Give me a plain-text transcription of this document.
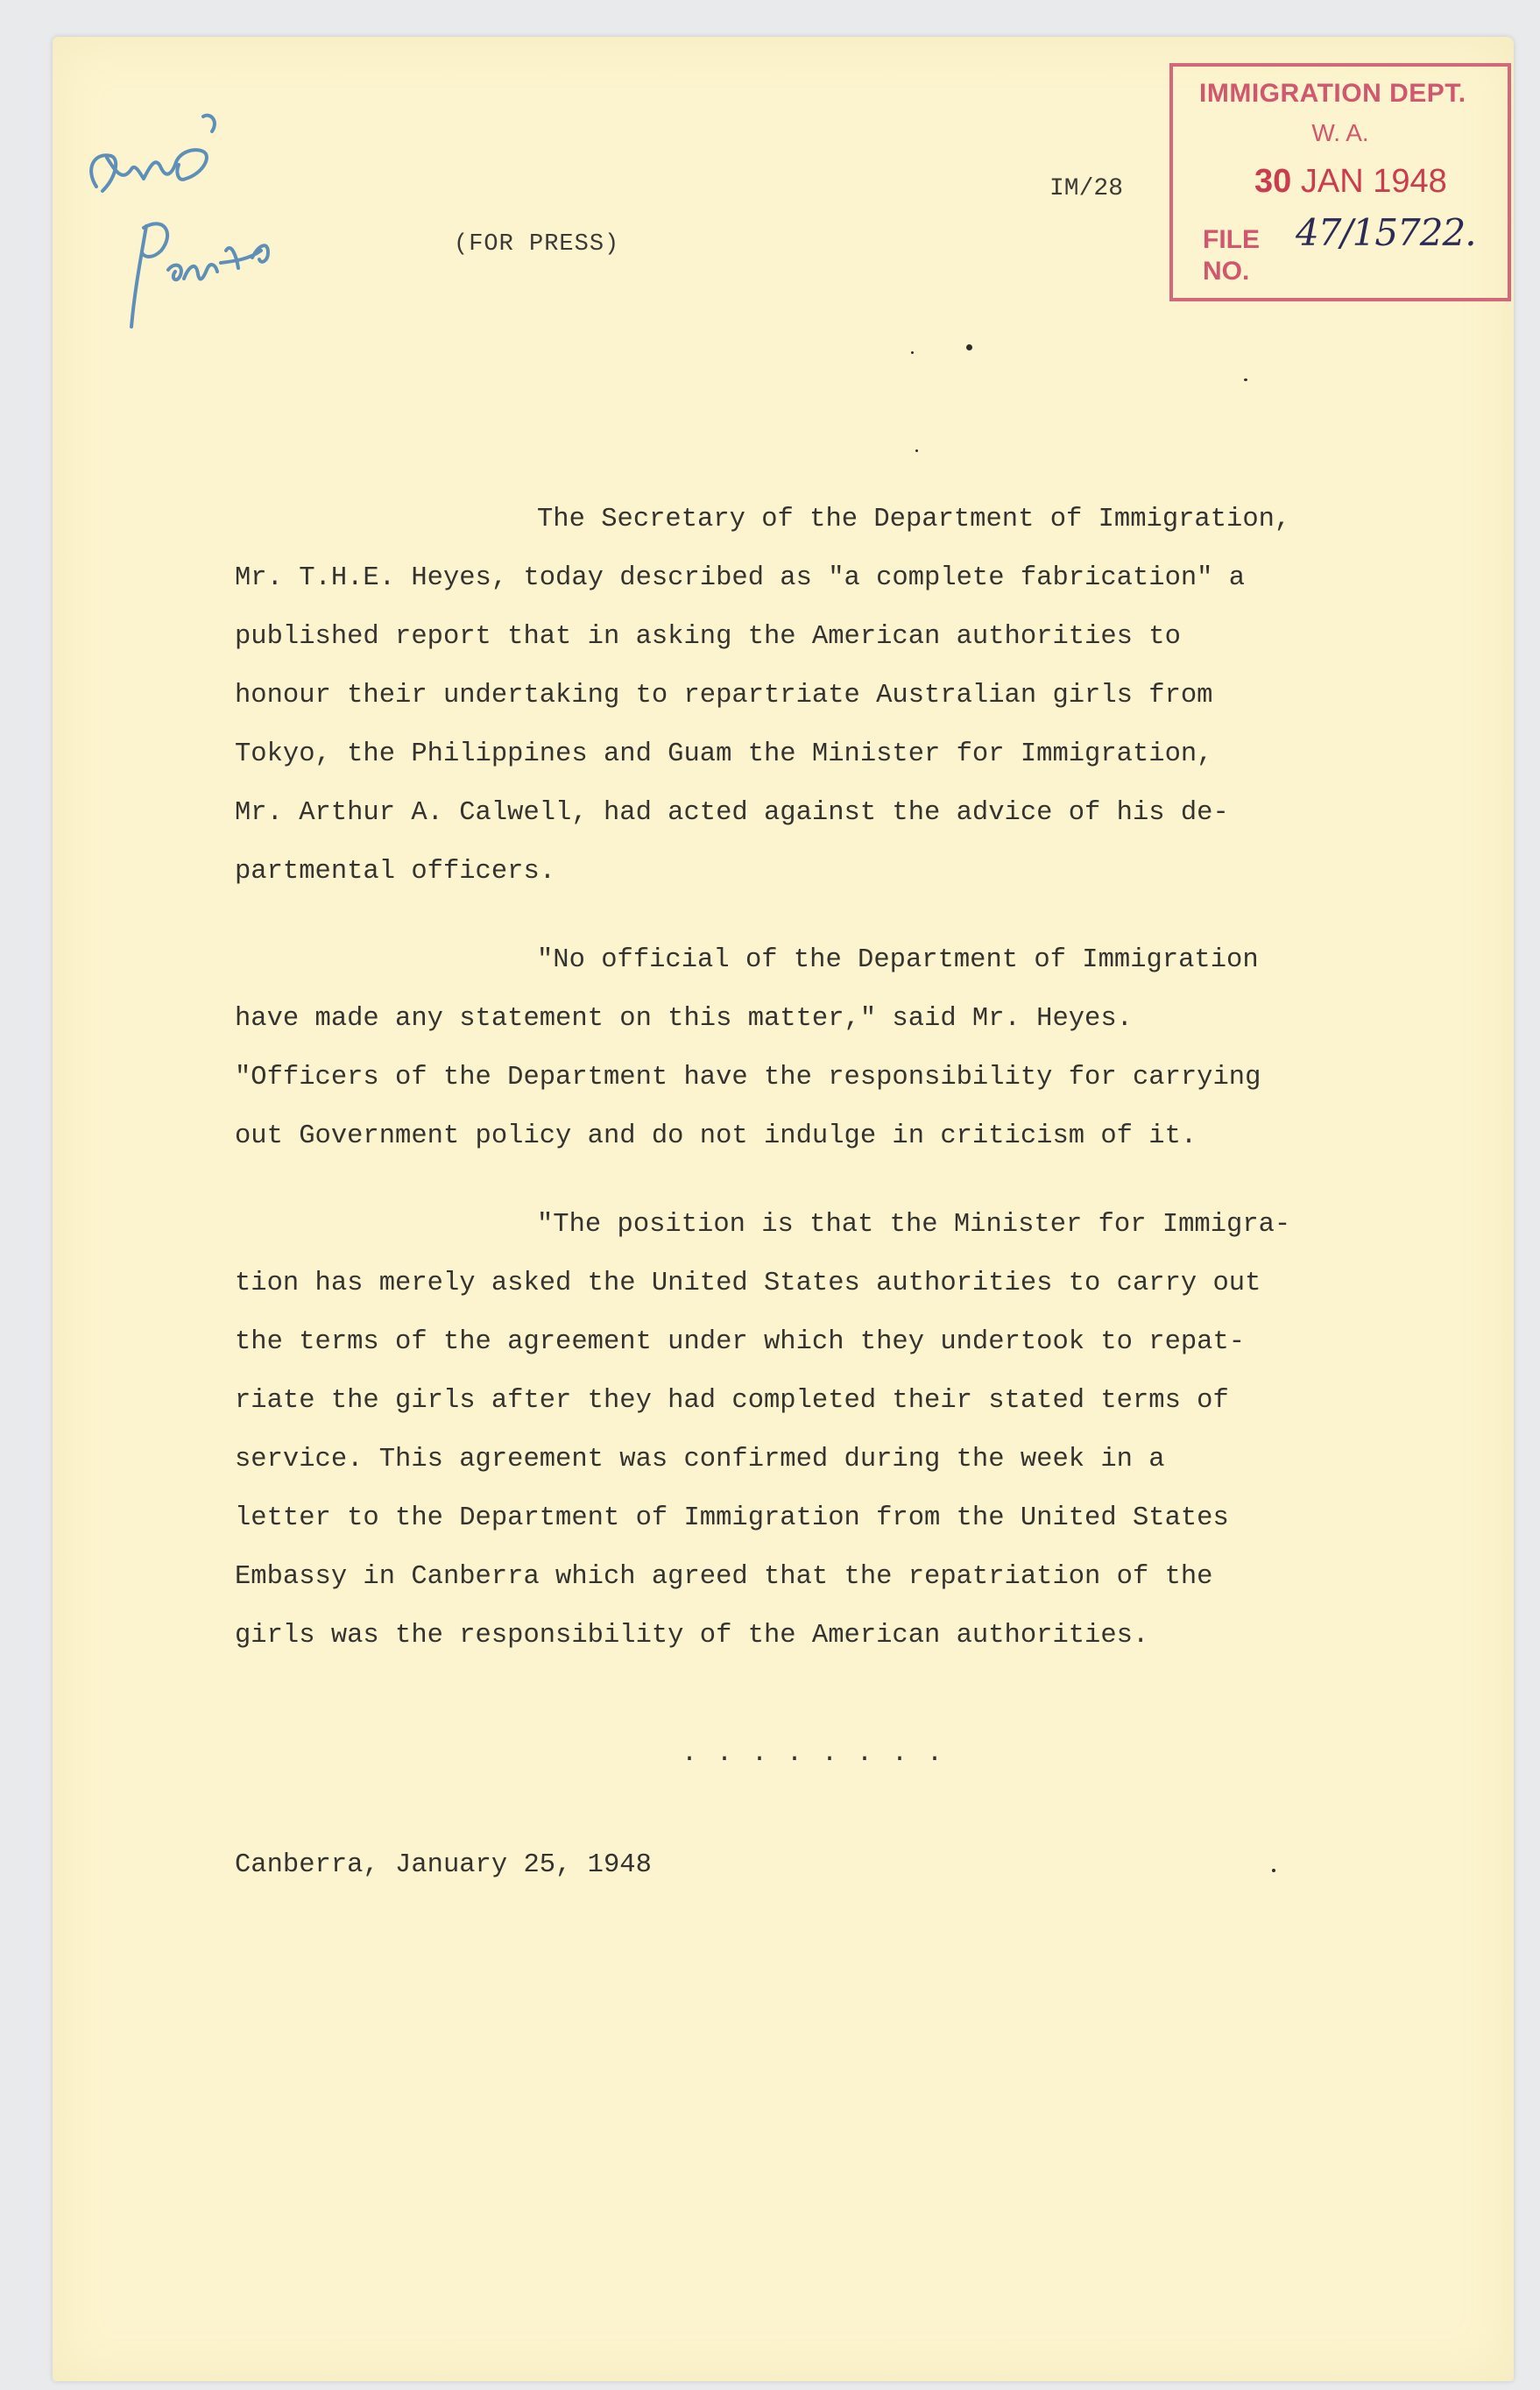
(FOR PRESS)
IM/28
IMMIGRATION DEPT.
W. A.
30 JAN 1948
FILE
NO.
47/15722.

The Secretary of the Department of Immigration,

Mr. T.H.E. Heyes, today described as "a complete fabrication" a

published report that in asking the American authorities to

honour their undertaking to repartriate Australian girls from

Tokyo, the Philippines and Guam the Minister for Immigration,

Mr. Arthur A. Calwell, had acted against the advice of his de-

partmental officers.

"No official of the Department of Immigration

have made any statement on this matter," said Mr. Heyes.

"Officers of the Department have the responsibility for carrying

out Government policy and do not indulge in criticism of it.

"The position is that the Minister for Immigra-

tion has merely asked the United States authorities to carry out

the terms of the agreement under which they undertook to repat-

riate the girls after they had completed their stated terms of

service. This agreement was confirmed during the week in a

letter to the Department of Immigration from the United States

Embassy in Canberra which agreed that the repatriation of the

girls was the responsibility of the American authorities.

. . . . . . . .
Canberra, January 25, 1948
